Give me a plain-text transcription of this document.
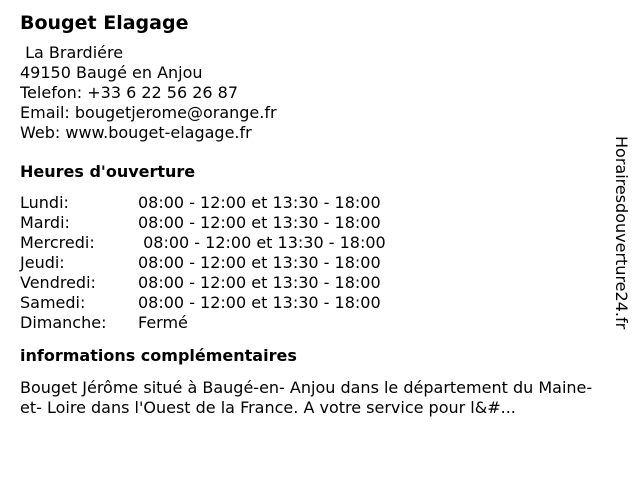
Bouget Elagage
La Brardiére
49150 Baugé en Anjou
Telefon: +33 6 22 56 26 87
Email: bougetjerome@orange.fr
Web: www.bouget-elagage.fr
Heures d'ouverture
Lundi:	08:00 - 12:00 et 13:30 - 18:00
Mardi:	08:00 - 12:00 et 13:30 - 18:00
Mercredi:	08:00 - 12:00 et 13:30 - 18:00
Jeudi:	08:00 - 12:00 et 13:30 - 18:00
Vendredi:	08:00 - 12:00 et 13:30 - 18:00
Samedi:	08:00 - 12:00 et 13:30 - 18:00
Dimanche:	Fermé
informations complémentaires
Bouget Jérôme situé à Baugé-en- Anjou dans le département du Maine- et- Loire dans l'Ouest de la France. A votre service pour l&#...
Horairesdouverture24.fr
